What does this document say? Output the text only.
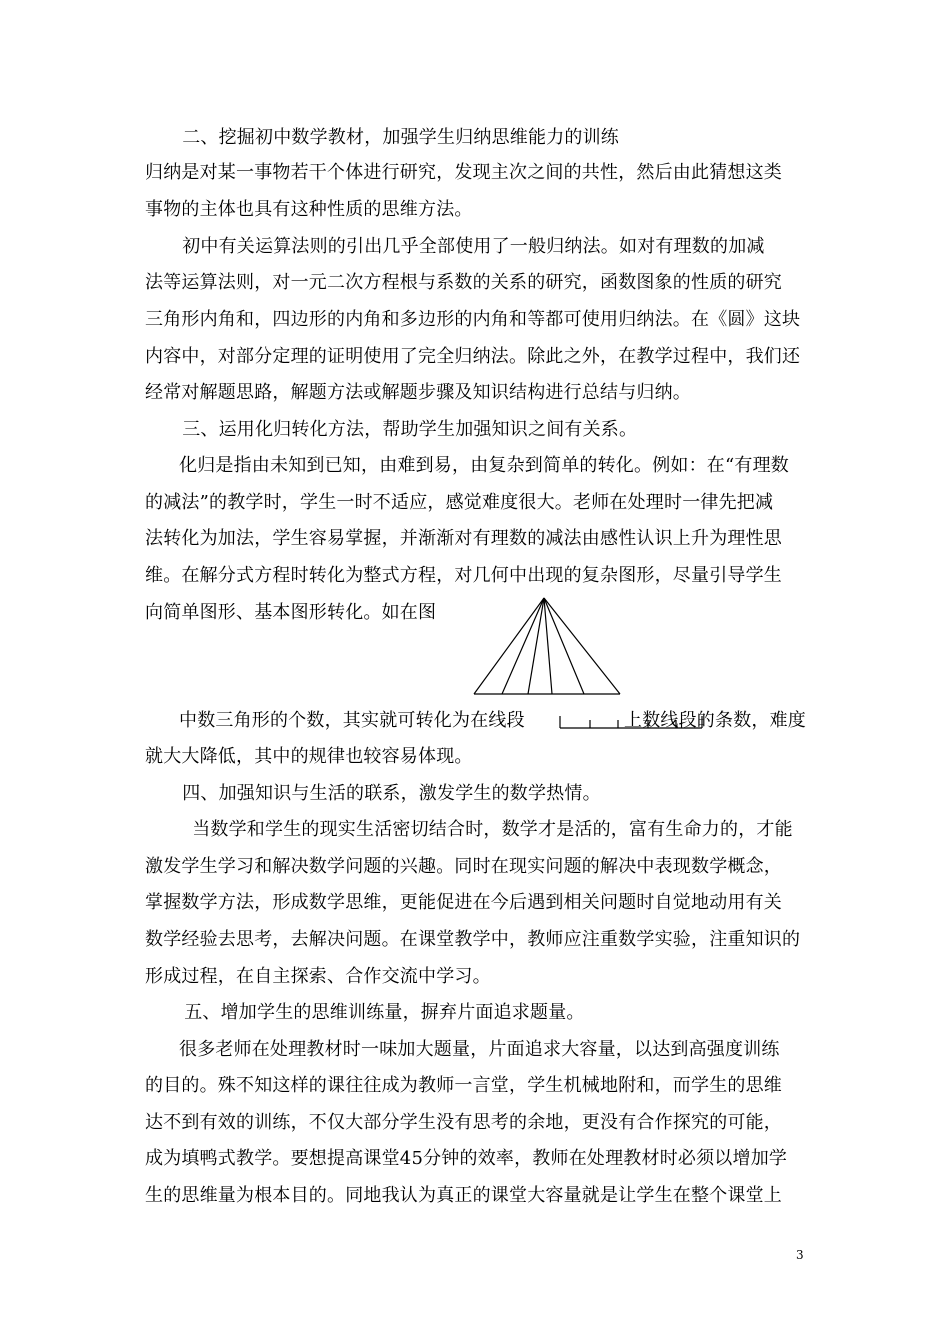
　二、挖掘初中数学教材，加强学生归纳思维能力的训练
归纳是对某一事物若干个体进行研究，发现主次之间的共性，然后由此猜想这类
事物的主体也具有这种性质的思维方法。
　初中有关运算法则的引出几乎全部使用了一般归纳法。如对有理数的加减
法等运算法则，对一元二次方程根与系数的关系的研究，函数图象的性质的研究
三角形内角和，四边形的内角和多边形的内角和等都可使用归纳法。在《圆》这块
内容中，对部分定理的证明使用了完全归纳法。除此之外，在教学过程中，我们还
经常对解题思路，解题方法或解题步骤及知识结构进行总结与归纳。
　三、运用化归转化方法，帮助学生加强知识之间有关系。
化归是指由未知到已知，由难到易，由复杂到简单的转化。例如：在“有理数
的减法”的教学时，学生一时不适应，感觉难度很大。老师在处理时一律先把减
法转化为加法，学生容易掌握，并渐渐对有理数的减法由感性认识上升为理性思
维。在解分式方程时转化为整式方程，对几何中出现的复杂图形，尽量引导学生
向简单图形、基本图形转化。如在图
中数三角形的个数，其实就可转化为在线段	上数线段的条数，难度
就大大降低，其中的规律也较容易体现。
　四、加强知识与生活的联系，激发学生的数学热情。
　当数学和学生的现实生活密切结合时，数学才是活的，富有生命力的，才能
激发学生学习和解决数学问题的兴趣。同时在现实问题的解决中表现数学概念，
掌握数学方法，形成数学思维，更能促进在今后遇到相关问题时自觉地动用有关
数学经验去思考，去解决问题。在课堂教学中，教师应注重数学实验，注重知识的
形成过程，在自主探索、合作交流中学习。
　五、增加学生的思维训练量，摒弃片面追求题量。
很多老师在处理教材时一味加大题量，片面追求大容量，以达到高强度训练
的目的。殊不知这样的课往往成为教师一言堂，学生机械地附和，而学生的思维
达不到有效的训练，不仅大部分学生没有思考的余地，更没有合作探究的可能，
成为填鸭式教学。要想提高课堂45分钟的效率，教师在处理教材时必须以增加学
生的思维量为根本目的。同地我认为真正的课堂大容量就是让学生在整个课堂上
3
